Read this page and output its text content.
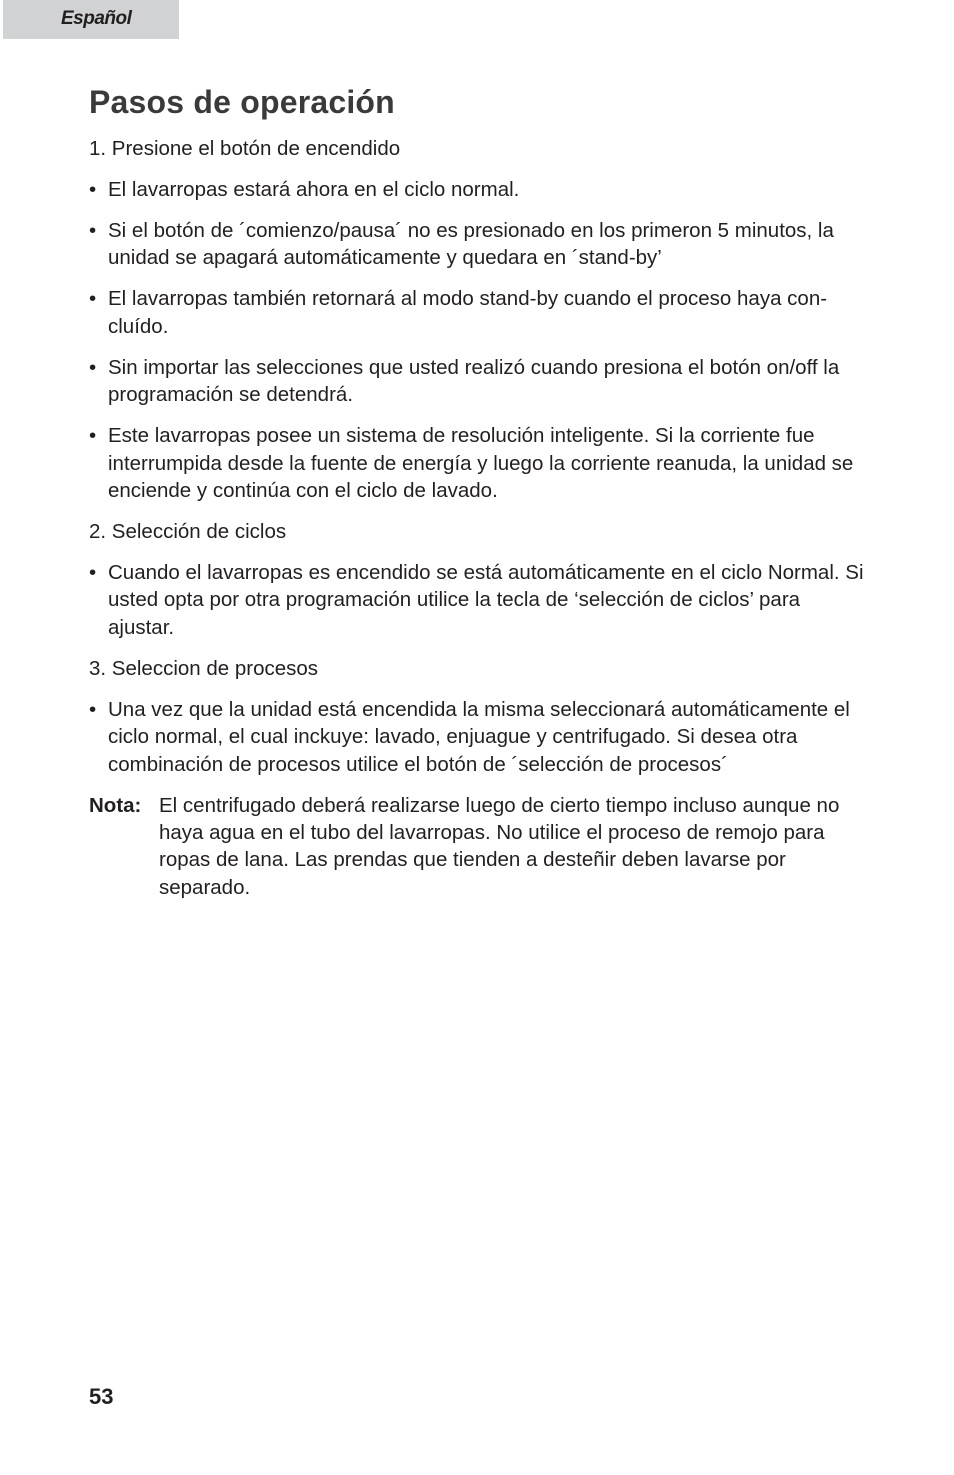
Español
Pasos de operación

1. Presione el botón de encendido

• El lavarropas estará ahora en el ciclo normal.

• Si el botón de ´comienzo/pausa´ no es presionado en los primeron 5 minutos, la unidad se apagará automáticamente y quedara en ´stand-by’

• El lavarropas también retornará al modo stand-by cuando el proceso haya con-cluído.

• Sin importar las selecciones que usted realizó cuando presiona el botón on/off la programación se detendrá.

• Este lavarropas posee un sistema de resolución inteligente. Si la corriente fue interrumpida desde la fuente de energía y luego la corriente reanuda, la unidad se enciende y continúa con el ciclo de lavado.

2. Selección de ciclos

• Cuando el lavarropas es encendido se está automáticamente en el ciclo Normal. Si usted opta por otra programación utilice la tecla de ‘selección de ciclos’ para ajustar.

3. Seleccion de procesos

• Una vez que la unidad está encendida la misma seleccionará automáticamente el ciclo normal, el cual inckuye: lavado, enjuague y centrifugado. Si desea otra combinación de procesos utilice el botón de ´selección de procesos´

Nota: El centrifugado deberá realizarse luego de cierto tiempo incluso aunque no haya agua en el tubo del lavarropas. No utilice el proceso de remojo para ropas de lana. Las prendas que tienden a desteñir deben lavarse por separado.

53
